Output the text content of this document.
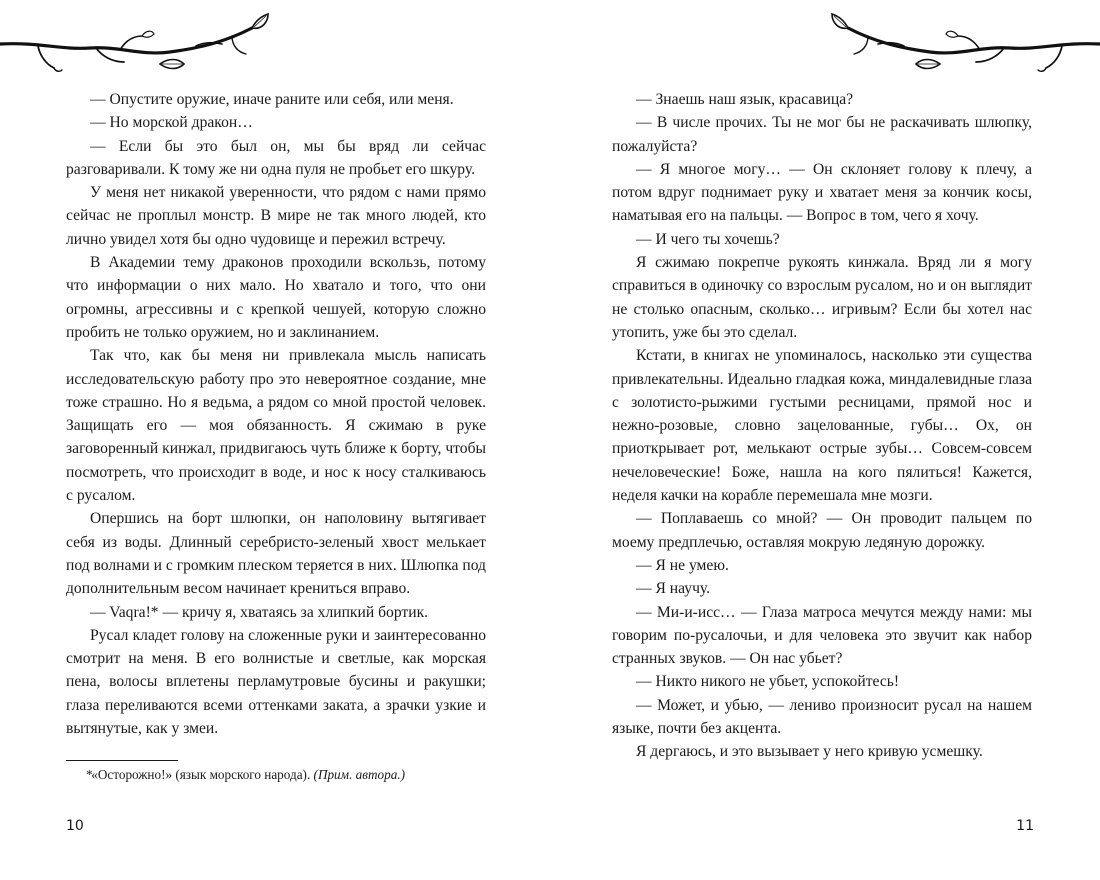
— Опустите оружие, иначе раните или себя, или меня.

— Но морской дракон…

— Если бы это был он, мы бы вряд ли сейчас разговаривали. К тому же ни одна пуля не пробьет его шкуру.

У меня нет никакой уверенности, что рядом с нами прямо сейчас не проплыл монстр. В мире не так много людей, кто лично увидел хотя бы одно чудовище и пережил встречу.

В Академии тему драконов проходили вскользь, потому что информации о них мало. Но хватало и того, что они огромны, агрессивны и с крепкой чешуей, которую сложно пробить не только оружием, но и заклинанием.

Так что, как бы меня ни привлекала мысль написать исследовательскую работу про это невероятное создание, мне тоже страшно. Но я ведьма, а рядом со мной простой человек. Защищать его — моя обязанность. Я сжимаю в руке заговоренный кинжал, придвигаюсь чуть ближе к борту, чтобы посмотреть, что происходит в воде, и нос к носу сталкиваюсь с русалом.

Опершись на борт шлюпки, он наполовину вытягивает себя из воды. Длинный серебристо-зеленый хвост мелькает под волнами и с громким плеском теряется в них. Шлюпка под дополнительным весом начинает крениться вправо.

— Vaqra!* — кричу я, хватаясь за хлипкий бортик.

Русал кладет голову на сложенные руки и заинтересованно смотрит на меня. В его волнистые и светлые, как морская пена, волосы вплетены перламутровые бусины и ракушки; глаза переливаются всеми оттенками заката, а зрачки узкие и вытянутые, как у змеи.

* «Осторожно!» (язык морского народа). (Прим. автора.)
10

— Знаешь наш язык, красавица?

— В числе прочих. Ты не мог бы не раскачивать шлюпку, пожалуйста?

— Я многое могу… — Он склоняет голову к плечу, а потом вдруг поднимает руку и хватает меня за кончик косы, наматывая его на пальцы. — Вопрос в том, чего я хочу.

— И чего ты хочешь?

Я сжимаю покрепче рукоять кинжала. Вряд ли я могу справиться в одиночку со взрослым русалом, но и он выглядит не столько опасным, сколько… игривым? Если бы хотел нас утопить, уже бы это сделал.

Кстати, в книгах не упоминалось, насколько эти существа привлекательны. Идеально гладкая кожа, миндалевидные глаза с золотисто-рыжими густыми ресницами, прямой нос и нежно-розовые, словно зацелованные, губы… Ох, он приоткрывает рот, мелькают острые зубы… Совсем-совсем нечеловеческие! Боже, нашла на кого пялиться! Кажется, неделя качки на корабле перемешала мне мозги.

— Поплаваешь со мной? — Он проводит пальцем по моему предплечью, оставляя мокрую ледяную дорожку.

— Я не умею.

— Я научу.

— Ми-и-исс… — Глаза матроса мечутся между нами: мы говорим по-русалочьи, и для человека это звучит как набор странных звуков. — Он нас убьет?

— Никто никого не убьет, успокойтесь!

— Может, и убью, — лениво произносит русал на нашем языке, почти без акцента.

Я дергаюсь, и это вызывает у него кривую усмешку.

11
